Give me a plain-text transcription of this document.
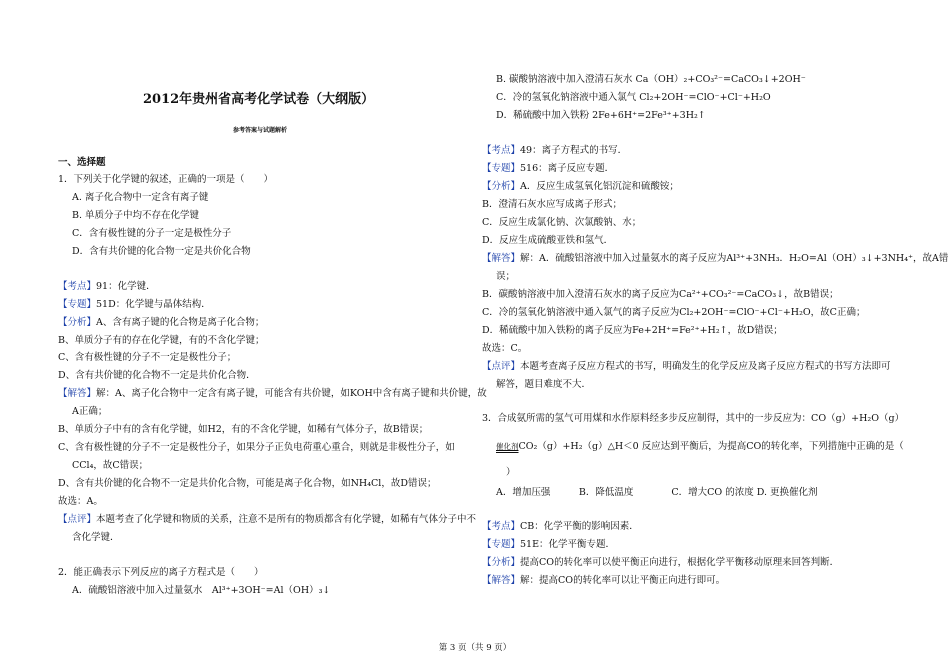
2012年贵州省高考化学试卷（大纲版）
参考答案与试题解析
一、选择题
1．下列关于化学键的叙述，正确的一项是（　　）
A. 离子化合物中一定含有离子键
B. 单质分子中均不存在化学键
C．含有极性键的分子一定是极性分子
D．含有共价键的化合物一定是共价化合物
【考点】91：化学键．
【专题】51D：化学键与晶体结构．
【分析】A、含有离子键的化合物是离子化合物；
B、单质分子有的存在化学键，有的不含化学键；
C、含有极性键的分子不一定是极性分子；
D、含有共价键的化合物不一定是共价化合物．
【解答】解：A、离子化合物中一定含有离子键，可能含有共价键，如KOH中含有离子键和共价键，故
A正确；
B、单质分子中有的含有化学键，如H2，有的不含化学键，如稀有气体分子，故B错误；
C、含有极性键的分子不一定是极性分子，如果分子正负电荷重心重合，则就是非极性分子，如
CCl₄，故C错误；
D、含有共价键的化合物不一定是共价化合物，可能是离子化合物，如NH₄Cl，故D错误；
故选：A。
【点评】本题考查了化学键和物质的关系，注意不是所有的物质都含有化学键，如稀有气体分子中不
含化学键．
2．能正确表示下列反应的离子方程式是（　　）
A．硫酸铝溶液中加入过量氨水　Al³⁺+3OH⁻=Al（OH）₃↓
B. 碳酸钠溶液中加入澄清石灰水 Ca（OH）₂+CO₃²⁻=CaCO₃↓+2OH⁻
C．冷的氢氧化钠溶液中通入氯气 Cl₂+2OH⁻=ClO⁻+Cl⁻+H₂O
D．稀硫酸中加入铁粉 2Fe+6H⁺=2Fe³⁺+3H₂↑
【考点】49：离子方程式的书写．
【专题】516：离子反应专题．
【分析】A．反应生成氢氧化铝沉淀和硫酸铵；
B．澄清石灰水应写成离子形式；
C．反应生成氯化钠、次氯酸钠、水；
D．反应生成硫酸亚铁和氢气．
【解答】解：A．硫酸铝溶液中加入过量氨水的离子反应为Al³⁺+3NH₃．H₂O=Al（OH）₃↓+3NH₄⁺，故A错
误；
B．碳酸钠溶液中加入澄清石灰水的离子反应为Ca²⁺+CO₃²⁻=CaCO₃↓，故B错误；
C．冷的氢氧化钠溶液中通入氯气的离子反应为Cl₂+2OH⁻=ClO⁻+Cl⁻+H₂O，故C正确；
D．稀硫酸中加入铁粉的离子反应为Fe+2H⁺=Fe²⁺+H₂↑，故D错误；
故选：C。
【点评】本题考查离子反应方程式的书写，明确发生的化学反应及离子反应方程式的书写方法即可
解答，题目难度不大．
3．合成氨所需的氢气可用煤和水作原料经多步反应制得，其中的一步反应为：CO（g）+H₂O（g）
催化剂CO₂（g）+H₂（g）△H＜0 反应达到平衡后，为提高CO的转化率，下列措施中正确的是（
）
A．增加压强　　　B．降低温度　　　　C．增大CO 的浓度 D. 更换催化剂
【考点】CB：化学平衡的影响因素．
【专题】51E：化学平衡专题．
【分析】提高CO的转化率可以使平衡正向进行，根据化学平衡移动原理来回答判断．
【解答】解：提高CO的转化率可以让平衡正向进行即可。
第 3 页（共 9 页）
